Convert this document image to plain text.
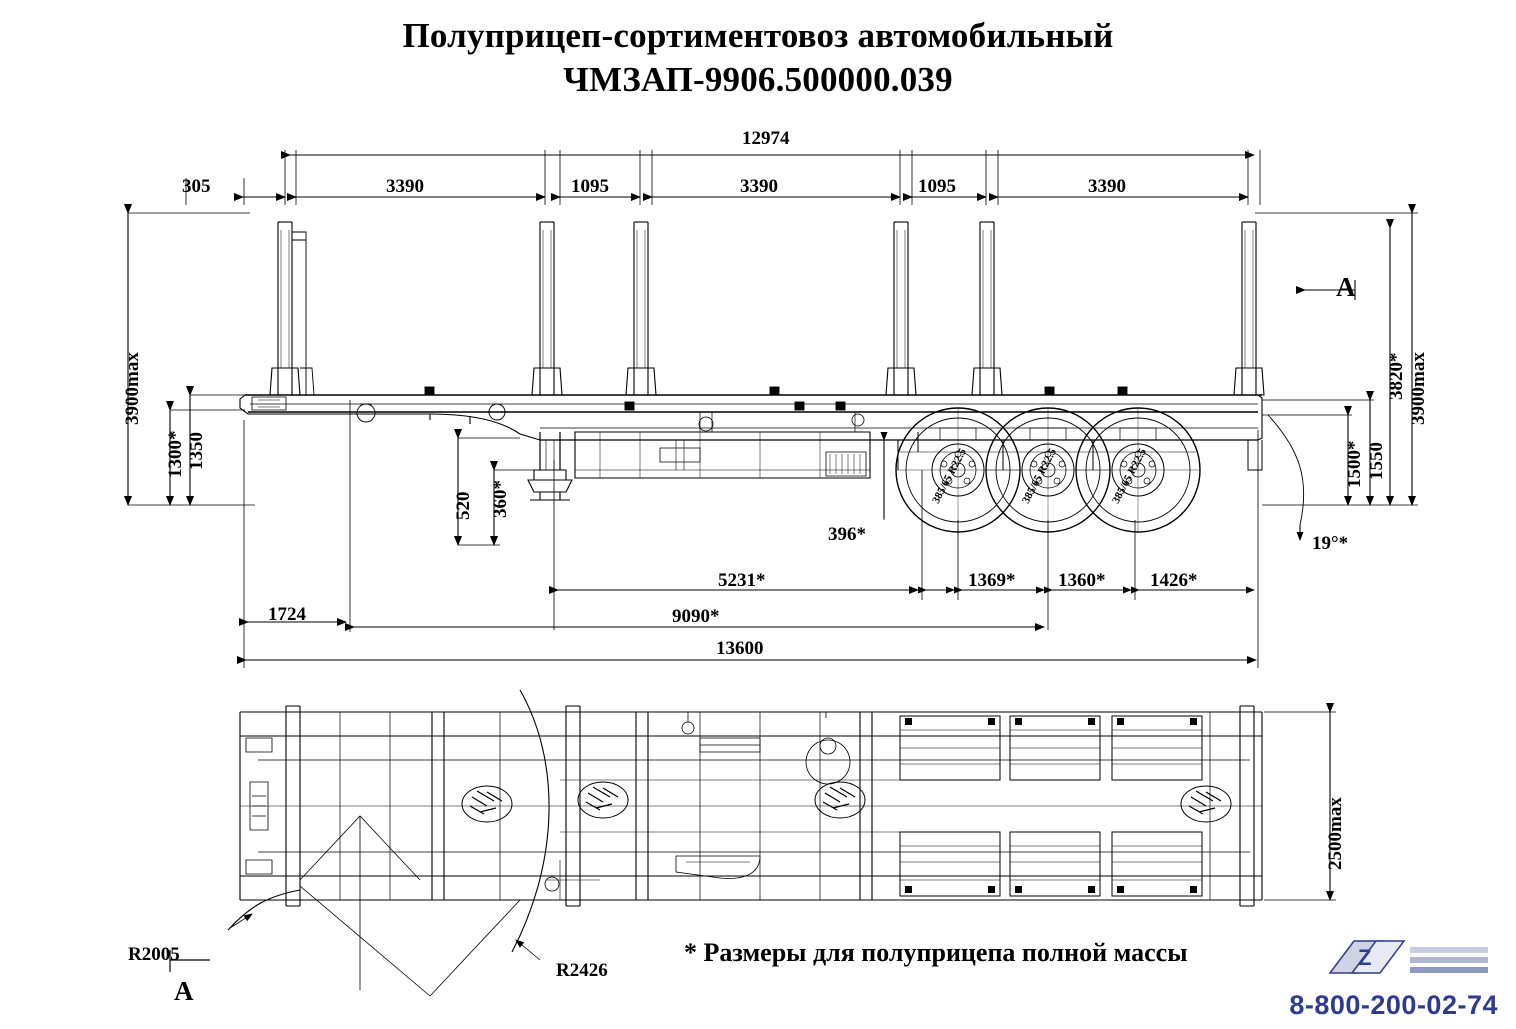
Полуприцеп-сортиментовоз автомобильный
ЧМЗАП-9906.500000.039
12974
305	3390	1095	3390	1095	3390
3900max
1300* 1350
520 360*
3900max
3820*
1500* 1550
396*	19°*
5231*	1369* 1360* 1426*
1724	9090*
13600
2500max
R2005
R2426
A
A
* Размеры для полуприцепа полной массы
385/65 R22.5	385/65 R22.5	385/65 R22.5
Z
8-800-200-02-74
